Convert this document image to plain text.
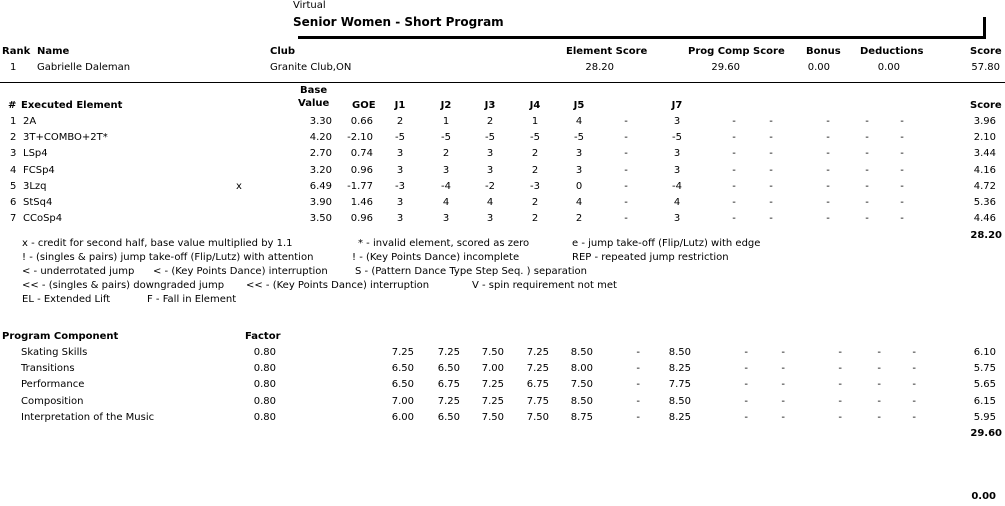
Virtual
Senior Women - Short Program
Rank Name	Club	Element Score	Prog Comp Score Bonus Deductions	Score
1 Gabrielle Daleman	Granite Club,ON	28.20	29.60	0.00	0.00	57.80
Base
# Executed Element	Value GOE	J1	J2	J3	J4	J5	J7	Score
1 2A	3.30	0.66	2	1	2	1	4	-	3	-	-	-	-	-	3.96
2 3T+COMBO+2T*	4.20	-2.10	-5	-5	-5	-5	-5	-	-5	-	-	-	-	-	2.10
3 LSp4	2.70	0.74	3	2	3	2	3	-	3	-	-	-	-	-	3.44
4 FCSp4	3.20	0.96	3	3	3	2	3	-	3	-	-	-	-	-	4.16
5 3Lzq	x	6.49	-1.77	-3	-4	-2	-3	0	-	-4	-	-	-	-	-	4.72
6 StSq4	3.90	1.46	3	4	4	2	4	-	4	-	-	-	-	-	5.36
7 CCoSp4	3.50	0.96	3	3	3	2	2	-	3	-	-	-	-	-	4.46
28.20
x - credit for second half, base value multiplied by 1.1	* - invalid element, scored as zero	e - jump take-off (Flip/Lutz) with edge
! - (singles & pairs) jump take-off (Flip/Lutz) with attention	! - (Key Points Dance) incomplete	REP - repeated jump restriction
< - underrotated jump < - (Key Points Dance) interruption	S - (Pattern Dance Type Step Seq. ) separation
<< - (singles & pairs) downgraded jump << - (Key Points Dance) interruption	V - spin requirement not met
EL - Extended Lift	F - Fall in Element
Program Component	Factor
Skating Skills	0.80	7.25	7.25	7.50	7.25	8.50	-	8.50	-	-	-	-	-	6.10
Transitions	0.80	6.50	6.50	7.00	7.25	8.00	-	8.25	-	-	-	-	-	5.75
Performance	0.80	6.50	6.75	7.25	6.75	7.50	-	7.75	-	-	-	-	-	5.65
Composition	0.80	7.00	7.25	7.25	7.75	8.50	-	8.50	-	-	-	-	-	6.15
Interpretation of the Music	0.80	6.00	6.50	7.50	7.50	8.75	-	8.25	-	-	-	-	-	5.95
29.60
0.00
